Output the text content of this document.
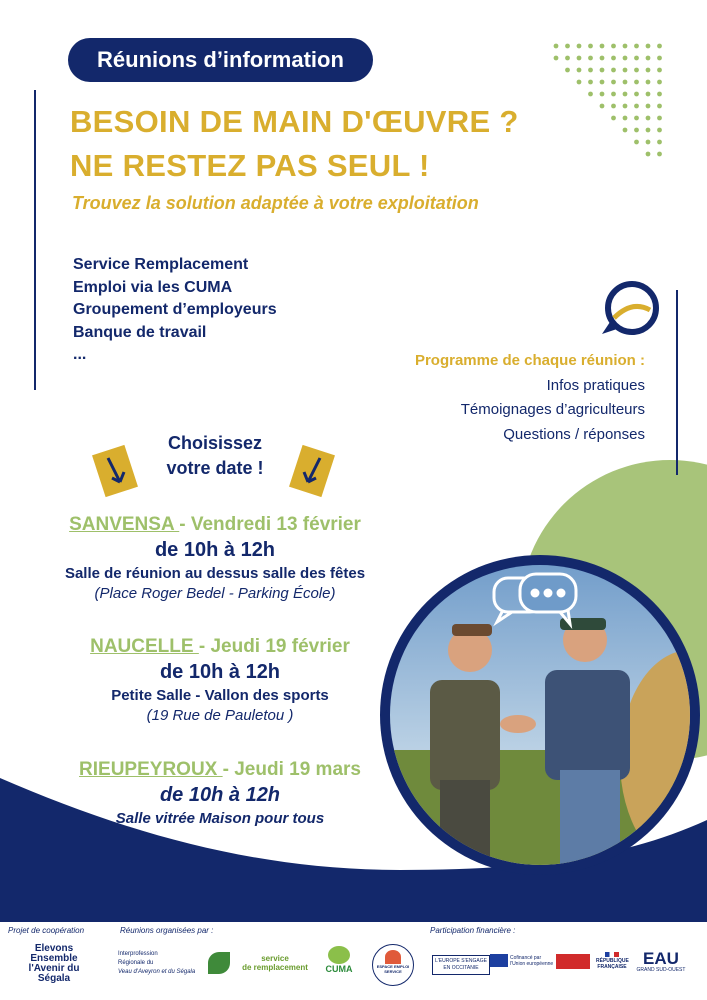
Réunions d’information
BESOIN DE MAIN D'ŒUVRE ?
NE RESTEZ PAS SEUL !
Trouvez la solution adaptée à votre exploitation
Service Remplacement
Emploi via les CUMA
Groupement d’employeurs
Banque de travail
...	Programme de chaque réunion :
Infos pratiques
Témoignages d’agriculteurs
Questions / réponses
Choisissez
votre date !
SANVENSA - Vendredi 13 février
de 10h à 12h
Salle de réunion au dessus salle des fêtes
(Place Roger Bedel - Parking École)
NAUCELLE - Jeudi 19 février
de 10h à 12h
Petite Salle - Vallon des sports
(19 Rue de Pauletou )
RIEUPEYROUX - Jeudi 19 mars
de 10h à 12h
Salle vitrée Maison pour tous
Projet de coopération	Réunions organisées par :	Participation financière :
Elevons
Ensemble
l'Avenir du
Ségala
Interprofession
Régionale du
Veau d'Aveyron et du Ségala
service
de remplacement	CUMA	ESPACE EMPLOI
SERVICE
L'EUROPE S'ENGAGE EN OCCITANIE
Cofinancé par
l'Union européenne	RÉPUBLIQUE
FRANÇAISE EAU
GRAND SUD-OUEST
